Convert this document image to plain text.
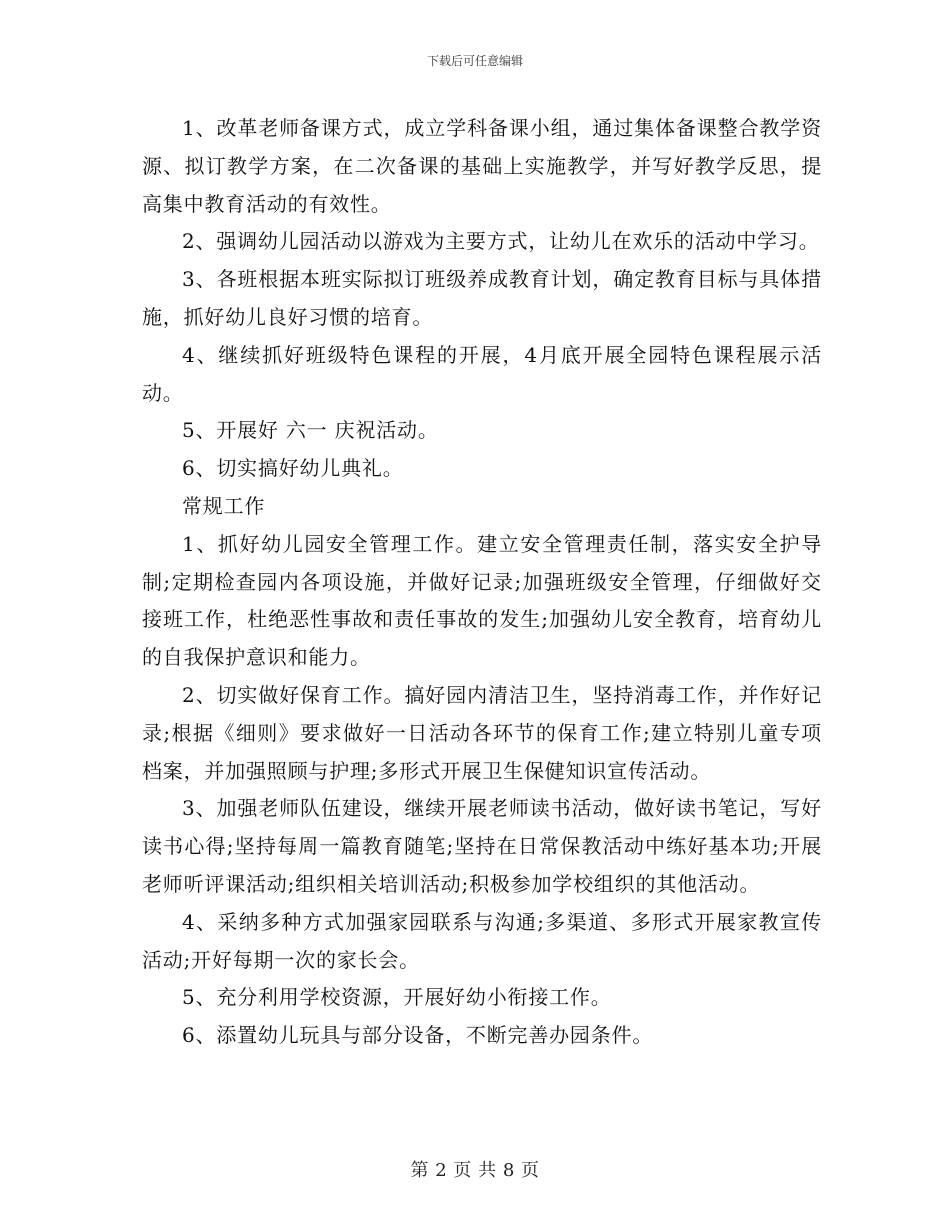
下载后可任意编辑

1、改革老师备课方式，成立学科备课小组，通过集体备课整合教学资源、拟订教学方案，在二次备课的基础上实施教学，并写好教学反思，提高集中教育活动的有效性。

2、强调幼儿园活动以游戏为主要方式，让幼儿在欢乐的活动中学习。

3、各班根据本班实际拟订班级养成教育计划，确定教育目标与具体措施，抓好幼儿良好习惯的培育。

4、继续抓好班级特色课程的开展，4月底开展全园特色课程展示活动。

5、开展好 六一 庆祝活动。

6、切实搞好幼儿典礼。

常规工作

1、抓好幼儿园安全管理工作。建立安全管理责任制，落实安全护导制;定期检查园内各项设施，并做好记录;加强班级安全管理，仔细做好交接班工作，杜绝恶性事故和责任事故的发生;加强幼儿安全教育，培育幼儿的自我保护意识和能力。

2、切实做好保育工作。搞好园内清洁卫生，坚持消毒工作，并作好记录;根据《细则》要求做好一日活动各环节的保育工作;建立特别儿童专项档案，并加强照顾与护理;多形式开展卫生保健知识宣传活动。

3、加强老师队伍建设，继续开展老师读书活动，做好读书笔记，写好读书心得;坚持每周一篇教育随笔;坚持在日常保教活动中练好基本功;开展老师听评课活动;组织相关培训活动;积极参加学校组织的其他活动。

4、采纳多种方式加强家园联系与沟通;多渠道、多形式开展家教宣传活动;开好每期一次的家长会。

5、充分利用学校资源，开展好幼小衔接工作。

6、添置幼儿玩具与部分设备，不断完善办园条件。

第 2 页 共 8 页
